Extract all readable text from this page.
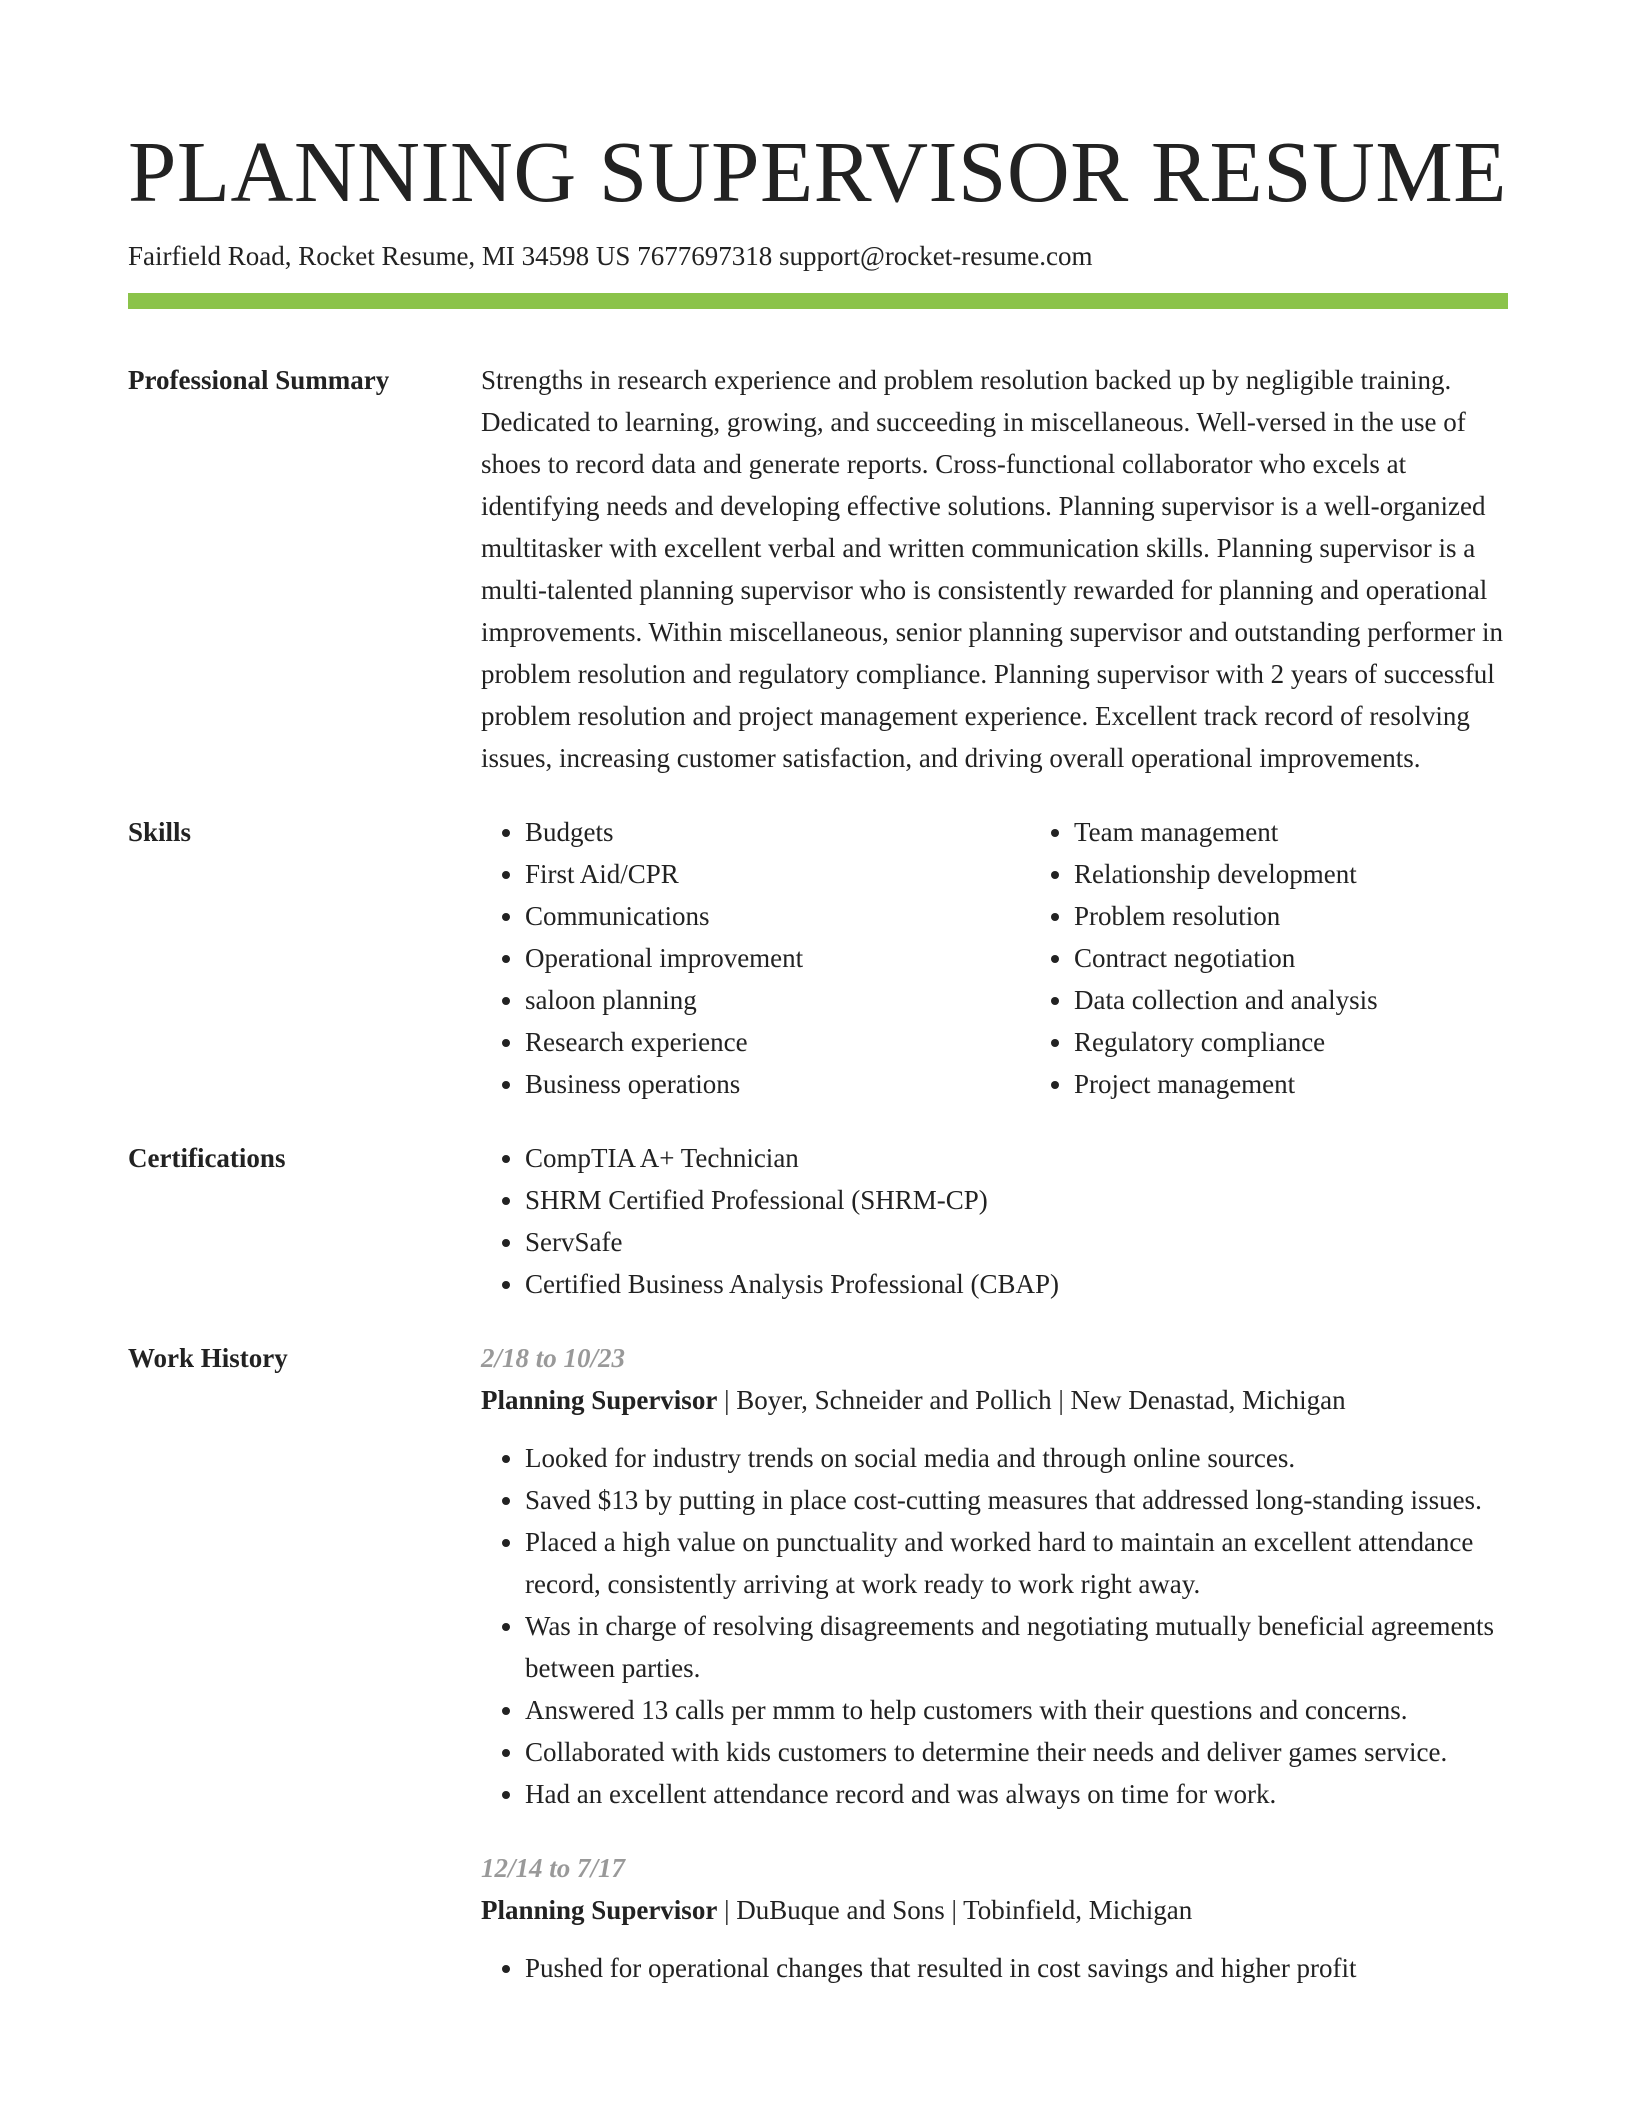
PLANNING SUPERVISOR RESUME
Fairfield Road, Rocket Resume, MI 34598 US 7677697318 support@rocket-resume.com
Professional Summary	Strengths in research experience and problem resolution backed up by negligible training. Dedicated to learning, growing, and succeeding in miscellaneous. Well-versed in the use of shoes to record data and generate reports. Cross-functional collaborator who excels at identifying needs and developing effective solutions. Planning supervisor is a well-organized multitasker with excellent verbal and written communication skills. Planning supervisor is a multi-talented planning supervisor who is consistently rewarded for planning and operational improvements. Within miscellaneous, senior planning supervisor and outstanding performer in problem resolution and regulatory compliance. Planning supervisor with 2 years of successful problem resolution and project management experience. Excellent track record of resolving issues, increasing customer satisfaction, and driving overall operational improvements.

Skills	• Budgets
• First Aid/CPR
• Communications
• Operational improvement
• saloon planning
• Research experience
• Business operations
• Team management
• Relationship development
• Problem resolution
• Contract negotiation
• Data collection and analysis
• Regulatory compliance
• Project management
Certifications	• CompTIA A+ Technician
• SHRM Certified Professional (SHRM-CP)
• ServSafe
• Certified Business Analysis Professional (CBAP)
Work History	2/18 to 10/23
Planning Supervisor | Boyer, Schneider and Pollich | New Denastad, Michigan
• Looked for industry trends on social media and through online sources.
• Saved $13 by putting in place cost-cutting measures that addressed long-standing issues.
• Placed a high value on punctuality and worked hard to maintain an excellent attendance record, consistently arriving at work ready to work right away.
• Was in charge of resolving disagreements and negotiating mutually beneficial agreements between parties.
• Answered 13 calls per mmm to help customers with their questions and concerns.
• Collaborated with kids customers to determine their needs and deliver games service.
• Had an excellent attendance record and was always on time for work.
12/14 to 7/17
Planning Supervisor | DuBuque and Sons | Tobinfield, Michigan
• Pushed for operational changes that resulted in cost savings and higher profit
